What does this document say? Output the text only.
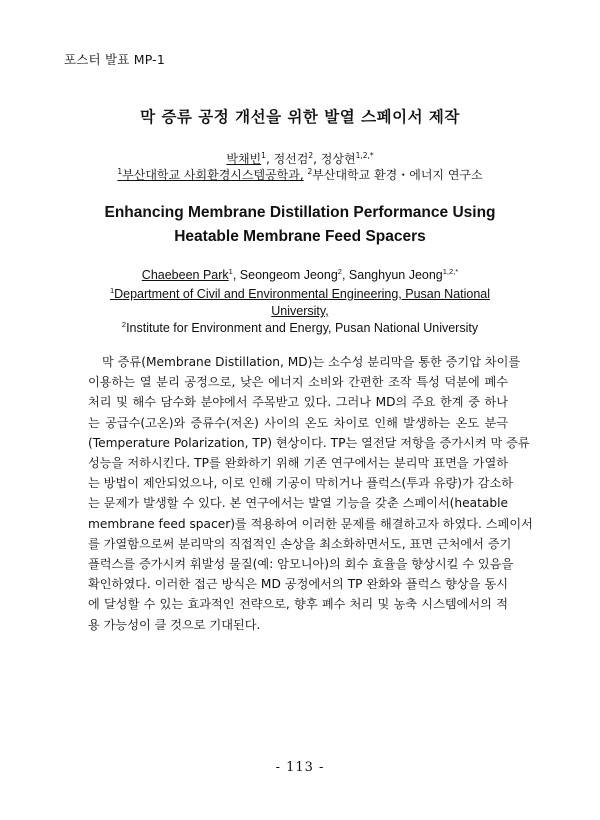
포스터 발표 MP-1
막 증류 공정 개선을 위한 발열 스페이서 제작
박채빈$^1$, 정선검$^2$, 정상현$^{1,2,*}$
$^1$부산대학교 사회환경시스템공학과, $^2$부산대학교 환경・에너지 연구소
Enhancing Membrane Distillation Performance Using
Heatable Membrane Feed Spacers
Chaebeen Park$^1$, Seongeom Jeong$^2$, Sanghyun Jeong$^{1,2,*}$
$^1$Department of Civil and Environmental Engineering, Pusan National
University,
$^2$Institute for Environment and Energy, Pusan National University
막 증류(Membrane Distillation, MD)는 소수성 분리막을 통한 증기압 차이를
이용하는 열 분리 공정으로, 낮은 에너지 소비와 간편한 조작 특성 덕분에 폐수
처리 및 해수 담수화 분야에서 주목받고 있다. 그러나 MD의 주요 한계 중 하나
는 공급수(고온)와 증류수(저온) 사이의 온도 차이로 인해 발생하는 온도 분극
(Temperature Polarization, TP) 현상이다. TP는 열전달 저항을 증가시켜 막 증류
성능을 저하시킨다. TP를 완화하기 위해 기존 연구에서는 분리막 표면을 가열하
는 방법이 제안되었으나, 이로 인해 기공이 막히거나 플럭스(투과 유량)가 감소하
는 문제가 발생할 수 있다. 본 연구에서는 발열 기능을 갖춘 스페이서(heatable
membrane feed spacer)를 적용하여 이러한 문제를 해결하고자 하였다. 스페이서
를 가열함으로써 분리막의 직접적인 손상을 최소화하면서도, 표면 근처에서 증기
플럭스를 증가시켜 휘발성 물질(예: 암모니아)의 회수 효율을 향상시킬 수 있음을
확인하였다. 이러한 접근 방식은 MD 공정에서의 TP 완화와 플럭스 향상을 동시
에 달성할 수 있는 효과적인 전략으로, 향후 폐수 처리 및 농축 시스템에서의 적
용 가능성이 클 것으로 기대된다.
- 113 -
